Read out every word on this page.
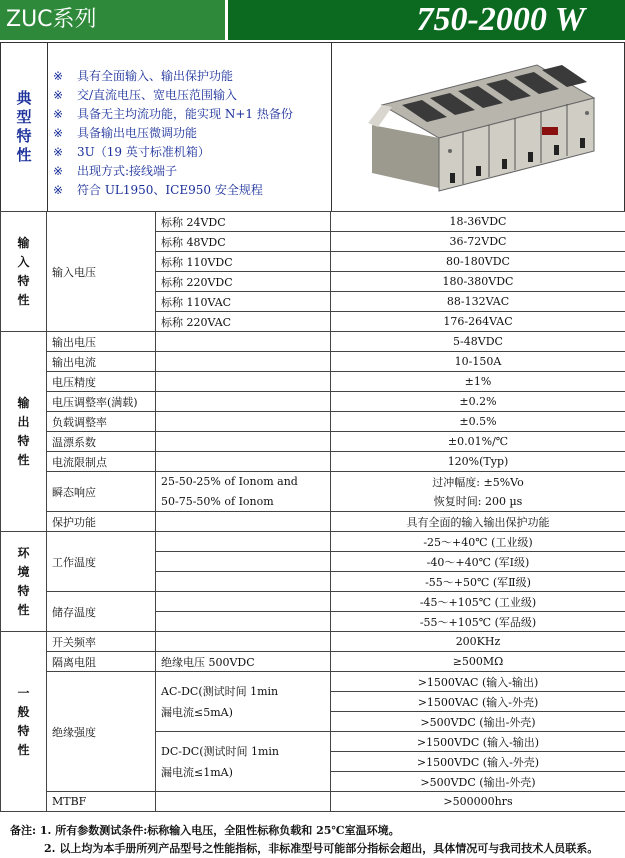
ZUC系列	750-2000 W
典
型
特
性
※ 具有全面输入、输出保护功能
※ 交/直流电压、宽电压范围输入
※ 具备无主均流功能，能实现 N+1 热备份
※ 具备输出电压微调功能
※ 3U（19 英寸标准机箱）
※ 出现方式:接线端子
※ 符合 UL1950、ICE950 安全规程
输
入
特
性	输入电压	标称 24VDC	18-36VDC
		标称 48VDC	36-72VDC
		标称 110VDC	80-180VDC
		标称 220VDC	180-380VDC
		标称 110VAC	88-132VAC
		标称 220VAC	176-264VAC
输
出
特
性	输出电压		5-48VDC
	输出电流		10-150A
	电压精度		±1%
	电压调整率(满载)		±0.2%
	负载调整率		±0.5%
	温漂系数		±0.01%/℃
	电流限制点		120%(Typ)
	瞬态响应	25-50-25% of Ionom and	过冲幅度: ±5%Vo
		50-75-50% of Ionom	恢复时间: 200 µs
	保护功能		具有全面的输入输出保护功能
环
境
特
性	工作温度		-25～+40℃ (工业级)
			-40～+40℃ (军Ⅰ级)
			-55～+50℃ (军Ⅱ级)
	储存温度		-45～+105℃ (工业级)
			-55～+105℃ (军品级)
一
般
特
性	开关频率		200KHz
	隔离电阻	绝缘电压 500VDC	≥500MΩ
	绝缘强度	AC-DC(测试时间 1min
漏电流≤5mA)	>1500VAC (输入-输出)
			>1500VAC (输入-外壳)
			>500VDC (输出-外壳)
		DC-DC(测试时间 1min
漏电流≤1mA)	>1500VDC (输入-输出)
			>1500VDC (输入-外壳)
			>500VDC (输出-外壳)
	MTBF		>500000hrs
备注: 1. 所有参数测试条件:标称输入电压，全阻性标称负载和 25℃室温环境。
2. 以上均为本手册所列产品型号之性能指标，非标准型号可能部分指标会超出，具体情况可与我司技术人员联系。
